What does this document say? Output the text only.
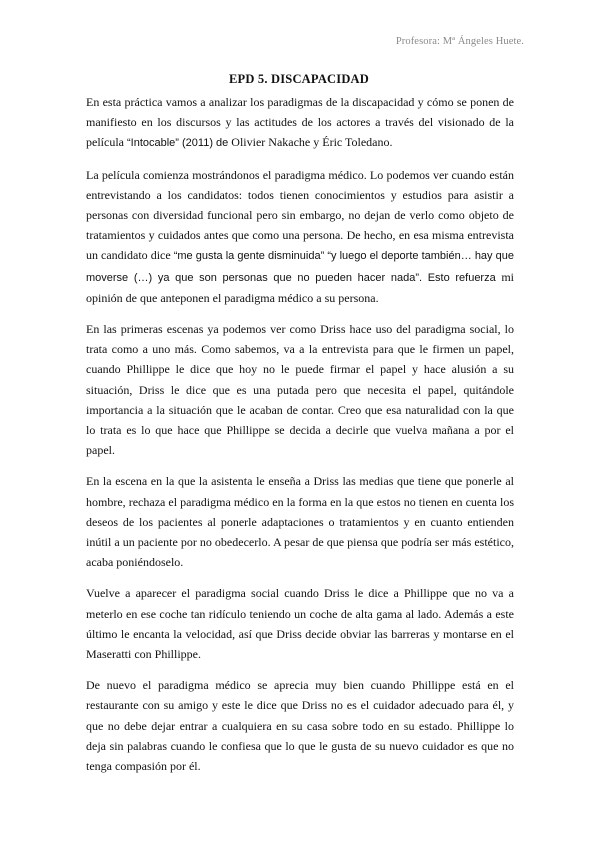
Profesora: Mª Ángeles Huete.
EPD 5. DISCAPACIDAD

En esta práctica vamos a analizar los paradigmas de la discapacidad y cómo se ponen de manifiesto en los discursos y las actitudes de los actores a través del visionado de la película “Intocable” (2011) de Olivier Nakache y Éric Toledano.

La película comienza mostrándonos el paradigma médico. Lo podemos ver cuando están entrevistando a los candidatos: todos tienen conocimientos y estudios para asistir a personas con diversidad funcional pero sin embargo, no dejan de verlo como objeto de tratamientos y cuidados antes que como una persona. De hecho, en esa misma entrevista un candidato dice “me gusta la gente disminuida” “y luego el deporte también… hay que moverse (…) ya que son personas que no pueden hacer nada”. Esto refuerza mi opinión de que anteponen el paradigma médico a su persona.

En las primeras escenas ya podemos ver como Driss hace uso del paradigma social, lo trata como a uno más. Como sabemos, va a la entrevista para que le firmen un papel, cuando Phillippe le dice que hoy no le puede firmar el papel y hace alusión a su situación, Driss le dice que es una putada pero que necesita el papel, quitándole importancia a la situación que le acaban de contar. Creo que esa naturalidad con la que lo trata es lo que hace que Phillippe se decida a decirle que vuelva mañana a por el papel.

En la escena en la que la asistenta le enseña a Driss las medias que tiene que ponerle al hombre, rechaza el paradigma médico en la forma en la que estos no tienen en cuenta los deseos de los pacientes al ponerle adaptaciones o tratamientos y en cuanto entienden inútil a un paciente por no obedecerlo. A pesar de que piensa que podría ser más estético, acaba poniéndoselo.

Vuelve a aparecer el paradigma social cuando Driss le dice a Phillippe que no va a meterlo en ese coche tan ridículo teniendo un coche de alta gama al lado. Además a este último le encanta la velocidad, así que Driss decide obviar las barreras y montarse en el Maseratti con Phillippe.

De nuevo el paradigma médico se aprecia muy bien cuando Phillippe está en el restaurante con su amigo y este le dice que Driss no es el cuidador adecuado para él, y que no debe dejar entrar a cualquiera en su casa sobre todo en su estado. Phillippe lo deja sin palabras cuando le confiesa que lo que le gusta de su nuevo cuidador es que no tenga compasión por él.
